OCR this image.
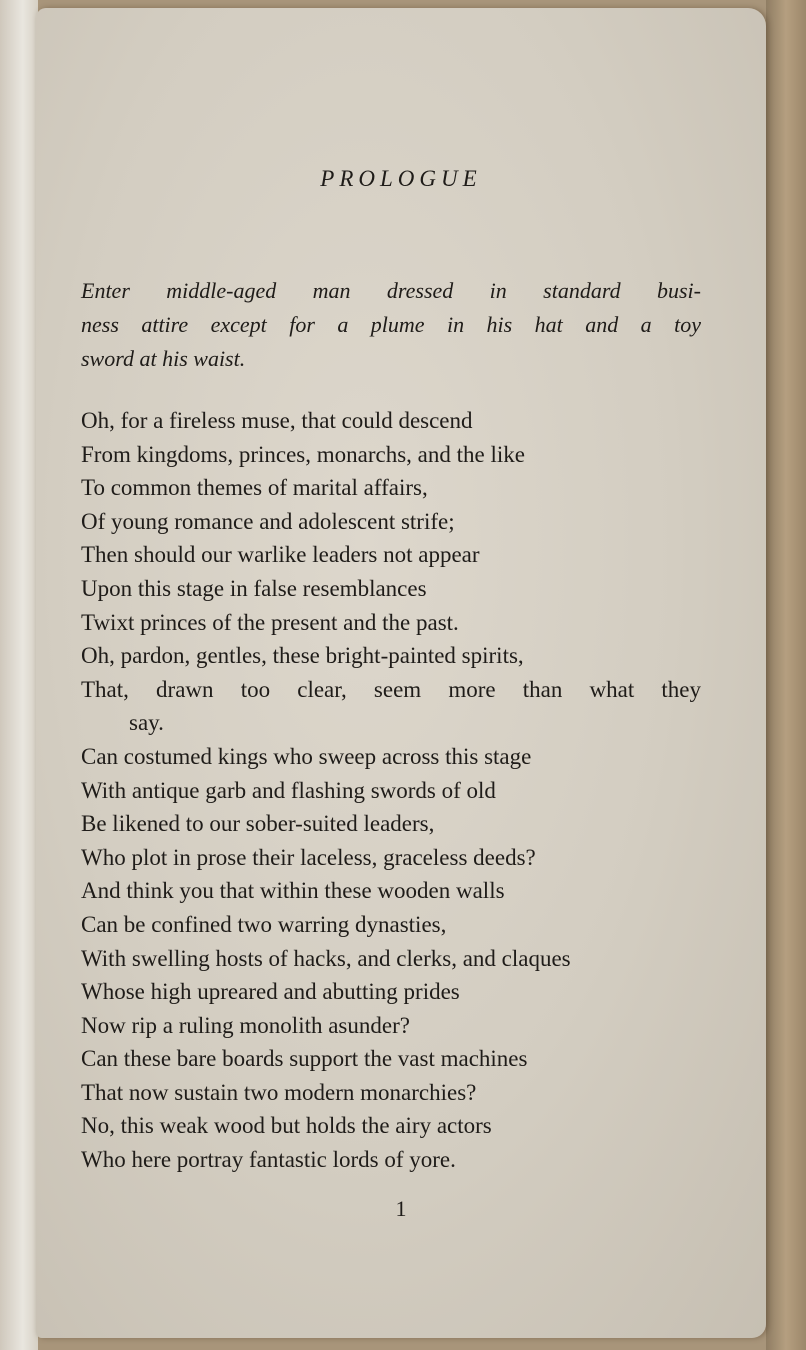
PROLOGUE
Enter middle-aged man dressed in standard busi-
ness attire except for a plume in his hat and a toy
sword at his waist.
Oh, for a fireless muse, that could descend
From kingdoms, princes, monarchs, and the like
To common themes of marital affairs,
Of young romance and adolescent strife;
Then should our warlike leaders not appear
Upon this stage in false resemblances
Twixt princes of the present and the past.
Oh, pardon, gentles, these bright-painted spirits,
That, drawn too clear, seem more than what they
say.
Can costumed kings who sweep across this stage
With antique garb and flashing swords of old
Be likened to our sober-suited leaders,
Who plot in prose their laceless, graceless deeds?
And think you that within these wooden walls
Can be confined two warring dynasties,
With swelling hosts of hacks, and clerks, and claques
Whose high upreared and abutting prides
Now rip a ruling monolith asunder?
Can these bare boards support the vast machines
That now sustain two modern monarchies?
No, this weak wood but holds the airy actors
Who here portray fantastic lords of yore.
1
